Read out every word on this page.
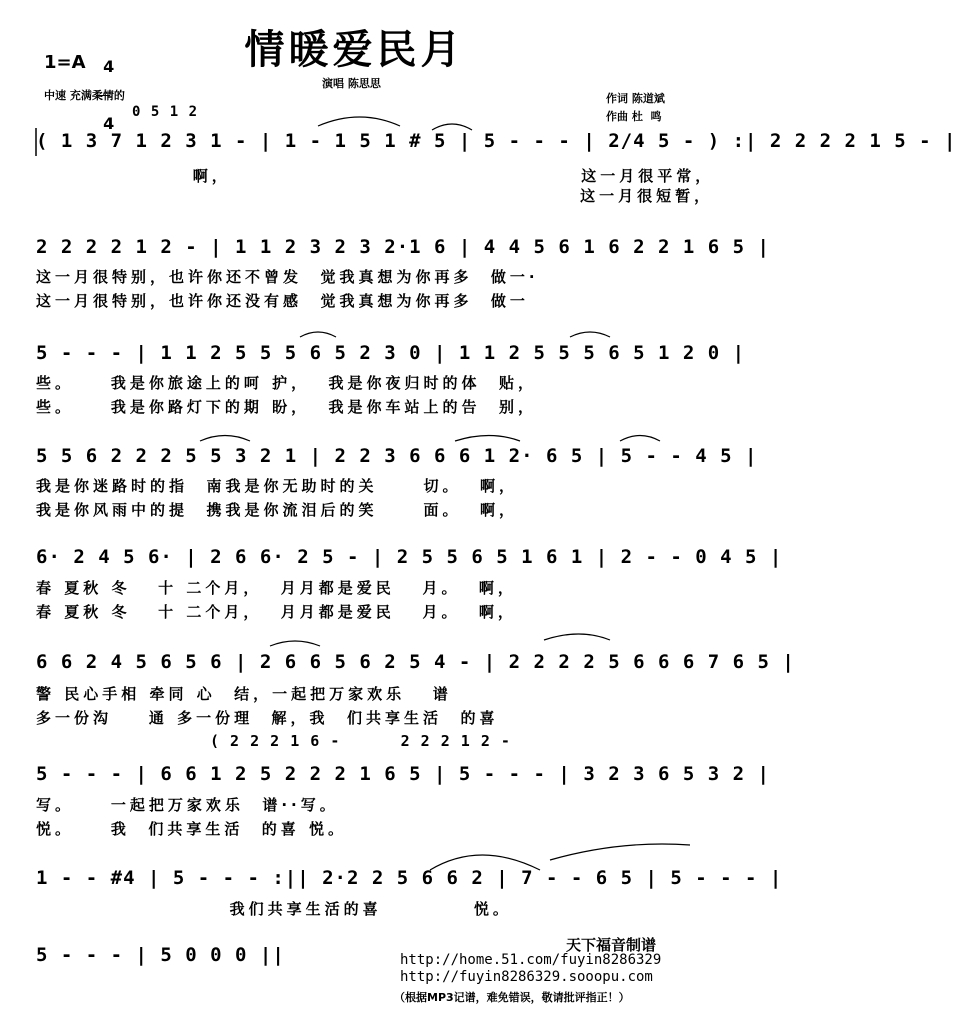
情暖爱民月
1=A	4

4

中速 充满柔情的
演唱 陈思思
作词 陈道斌
作曲 杜  鸣
0 5 1 2
( 1 3 7 1 2 3 1 - | 1 - 1 5 1 # 5 | 5 - - - | 2/4 5 - ) :| 2 2 2 2 1 5 - |
啊，                                      这一月很平常，
这一月很短暂，
2 2 2 2 1 2 - | 1 1 2 3 2 3 2·1 6 | 4 4 5 6 1 6 2 2 1 6 5 |
这一月很特别，也许你还不曾发  觉我真想为你再多  做一·
这一月很特别，也许你还没有感  觉我真想为你再多  做一
5 - - - | 1 1 2 5 5 5 6 5 2 3 0 | 1 1 2 5 5 5 6 5 1 2 0 |
些。    我是你旅途上的呵 护，  我是你夜归时的体  贴，
些。    我是你路灯下的期 盼，  我是你车站上的告  别，
5 5 6 2 2 2 5 5 3 2 1 | 2 2 3 6 6 6 1 2· 6 5 | 5 - - 4 5 |
我是你迷路时的指  南我是你无助时的关     切。  啊，
我是你风雨中的提  携我是你流泪后的笑     面。  啊，
6· 2 4 5 6· | 2 6 6· 2 5 - | 2 5 5 6 5 1 6 1 | 2 - - 0 4 5 |
春 夏秋 冬   十 二个月，  月月都是爱民   月。  啊，
春 夏秋 冬   十 二个月，  月月都是爱民   月。  啊，
6 6 2 4 5 6 5 6 | 2 6 6 5 6 2 5 4 - | 2 2 2 2 5 6 6 6 7 6 5 |
警 民心手相 牵同 心  结，一起把万家欢乐   谱
多一份沟    通 多一份理  解，我  们共享生活  的喜
( 2 2 2 1 6 -      2 2 2 1 2 -
5 - - - | 6 6 1 2 5 2 2 2 1 6 5 | 5 - - - | 3 2 3 6 5 3 2 |
写。    一起把万家欢乐  谱··写。
悦。    我  们共享生活  的喜 悦。
1 - - #4 | 5 - - - :|| 2·2 2 5 6 6 2 | 7 - - 6 5 | 5 - - - |
我们共享生活的喜          悦。
5 - - - | 5 0 0 0 ||	天下福音制谱
http://home.51.com/fuyin8286329
http://fuyin8286329.sooopu.com
（根据MP3记谱，难免错误，敬请批评指正！）
